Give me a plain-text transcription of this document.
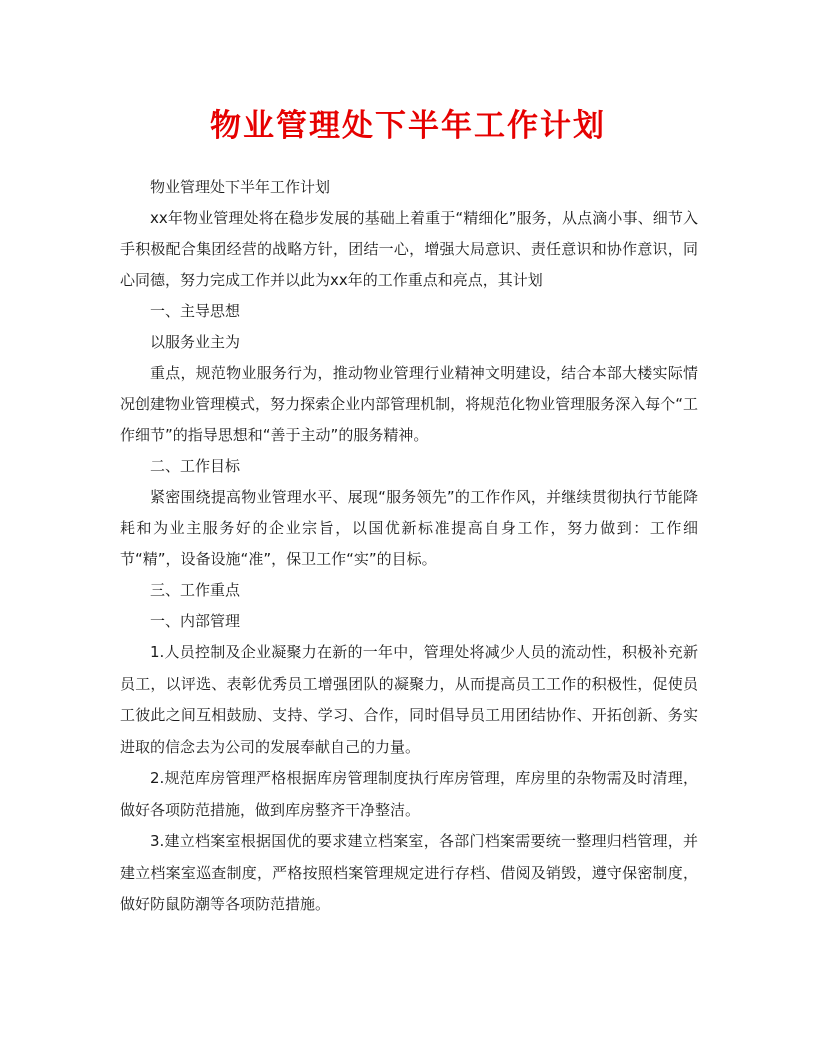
物业管理处下半年工作计划

物业管理处下半年工作计划

xx年物业管理处将在稳步发展的基础上着重于“精细化”服务，从点滴小事、细节入手积极配合集团经营的战略方针，团结一心，增强大局意识、责任意识和协作意识，同心同德，努力完成工作并以此为xx年的工作重点和亮点，其计划

一、主导思想

以服务业主为

重点，规范物业服务行为，推动物业管理行业精神文明建设，结合本部大楼实际情况创建物业管理模式，努力探索企业内部管理机制，将规范化物业管理服务深入每个“工作细节”的指导思想和“善于主动”的服务精神。

二、工作目标

紧密围绕提高物业管理水平、展现“服务领先”的工作作风，并继续贯彻执行节能降耗和为业主服务好的企业宗旨，以国优新标准提高自身工作，努力做到：工作细节“精”，设备设施“准”，保卫工作“实”的目标。

三、工作重点

一、内部管理

1.人员控制及企业凝聚力在新的一年中，管理处将减少人员的流动性，积极补充新员工，以评选、表彰优秀员工增强团队的凝聚力，从而提高员工工作的积极性，促使员工彼此之间互相鼓励、支持、学习、合作，同时倡导员工用团结协作、开拓创新、务实进取的信念去为公司的发展奉献自己的力量。

2.规范库房管理严格根据库房管理制度执行库房管理，库房里的杂物需及时清理，做好各项防范措施，做到库房整齐干净整洁。

3.建立档案室根据国优的要求建立档案室，各部门档案需要统一整理归档管理，并建立档案室巡查制度，严格按照档案管理规定进行存档、借阅及销毁，遵守保密制度，做好防鼠防潮等各项防范措施。
